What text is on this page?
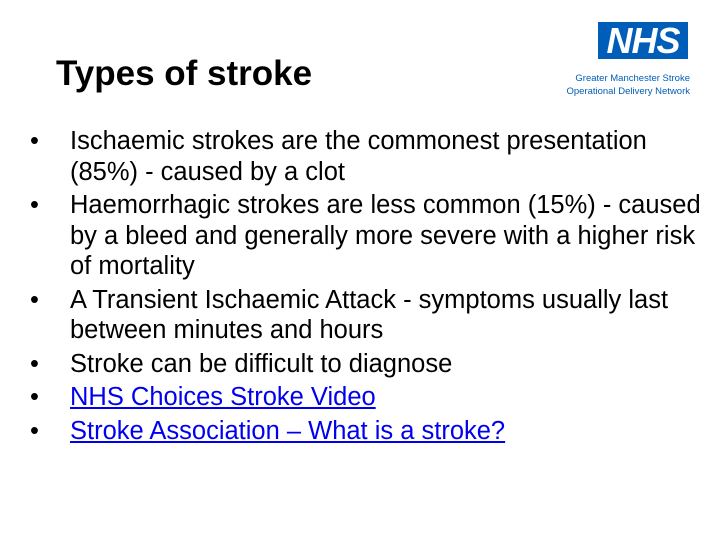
Types of stroke
NHS
Greater Manchester Stroke
Operational Delivery Network
•	Ischaemic strokes are the commonest presentation (85%) - caused by a clot
•	Haemorrhagic strokes are less common (15%) - caused by a bleed and generally more severe with a higher risk of mortality
•	A Transient Ischaemic Attack - symptoms usually last between minutes and hours
•	Stroke can be difficult to diagnose
•	NHS Choices Stroke Video
•	Stroke Association – What is a stroke?
